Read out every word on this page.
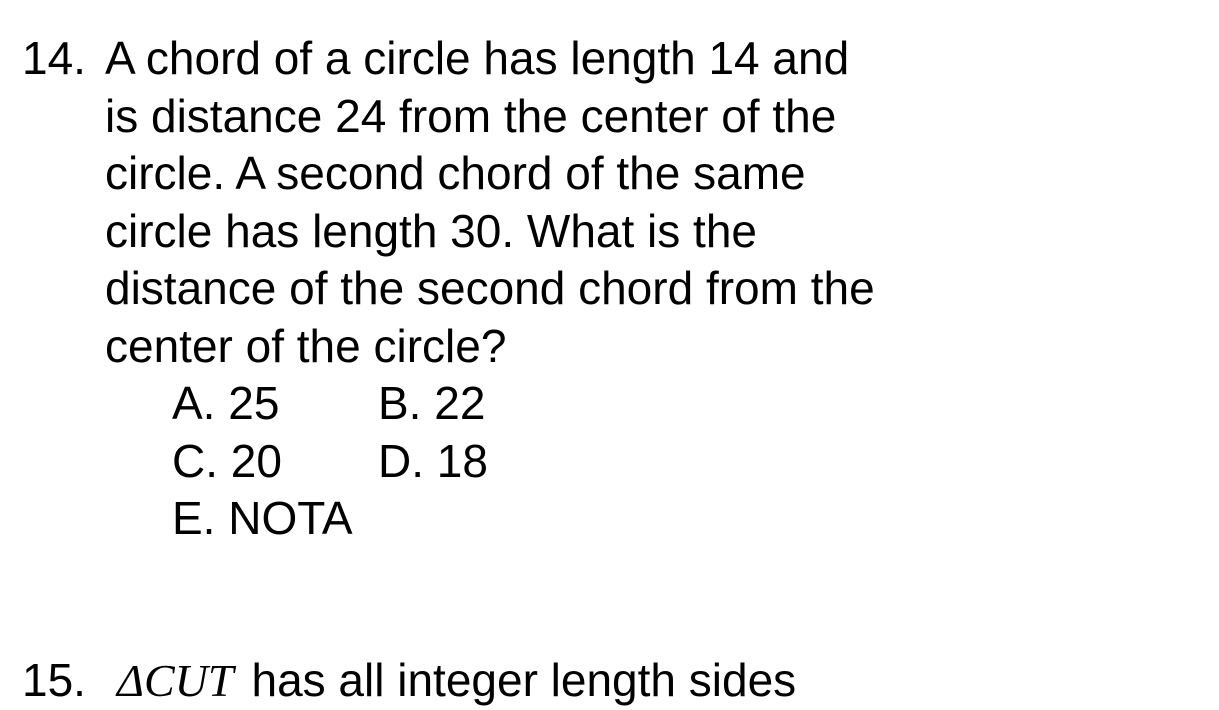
14. A chord of a circle has length 14 and
is distance 24 from the center of the
circle. A second chord of the same
circle has length 30. What is the
distance of the second chord from the
center of the circle?
A. 25 B. 22
C. 20 D. 18
E. NOTA
15. ΔCUT has all integer length sides
